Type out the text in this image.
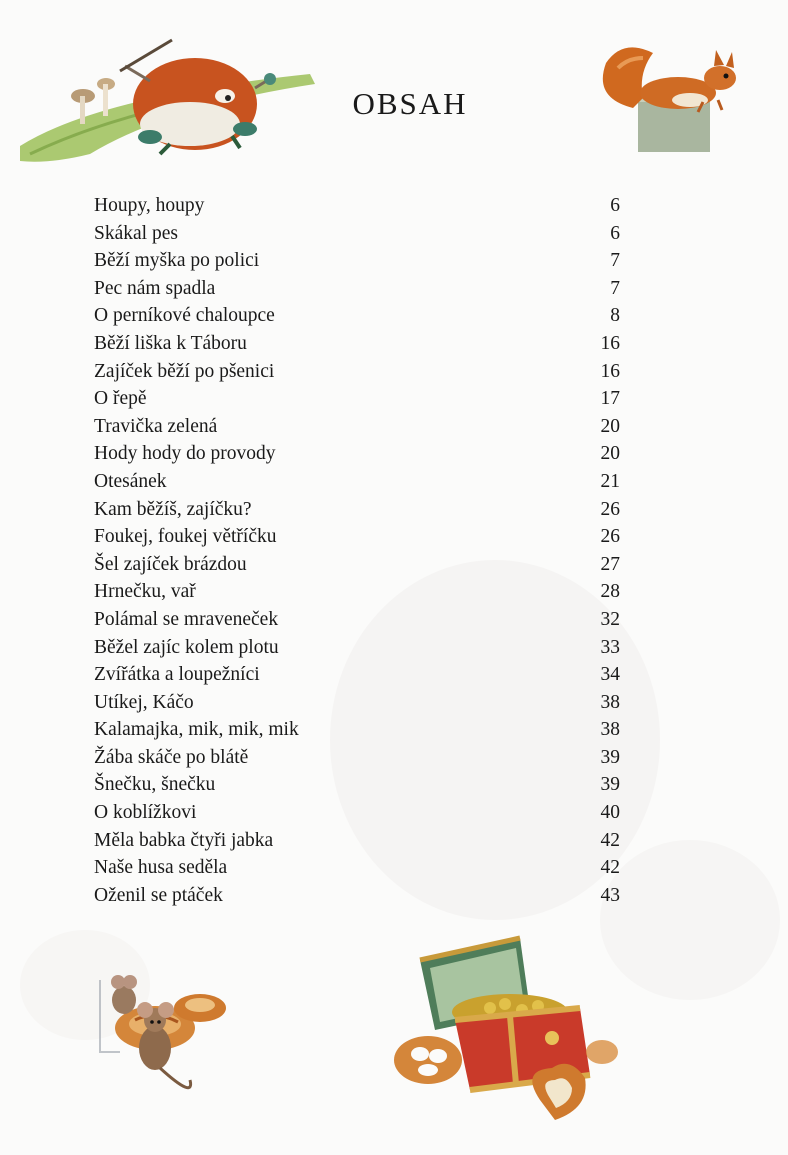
OBSAH
Houpy, houpy	6
Skákal pes	6
Běží myška po polici	7
Pec nám spadla	7
O perníkové chaloupce	8
Běží liška k Táboru	16
Zajíček běží po pšenici	16
O řepě	17
Travička zelená	20
Hody hody do provody	20
Otesánek	21
Kam běžíš, zajíčku?	26
Foukej, foukej větříčku	26
Šel zajíček brázdou	27
Hrnečku, vař	28
Polámal se mraveneček	32
Běžel zajíc kolem plotu	33
Zvířátka a loupežníci	34
Utíkej, Káčo	38
Kalamajka, mik, mik, mik	38
Žába skáče po blátě	39
Šnečku, šnečku	39
O koblížkovi	40
Měla babka čtyři jabka	42
Naše husa seděla	42
Oženil se ptáček	43
